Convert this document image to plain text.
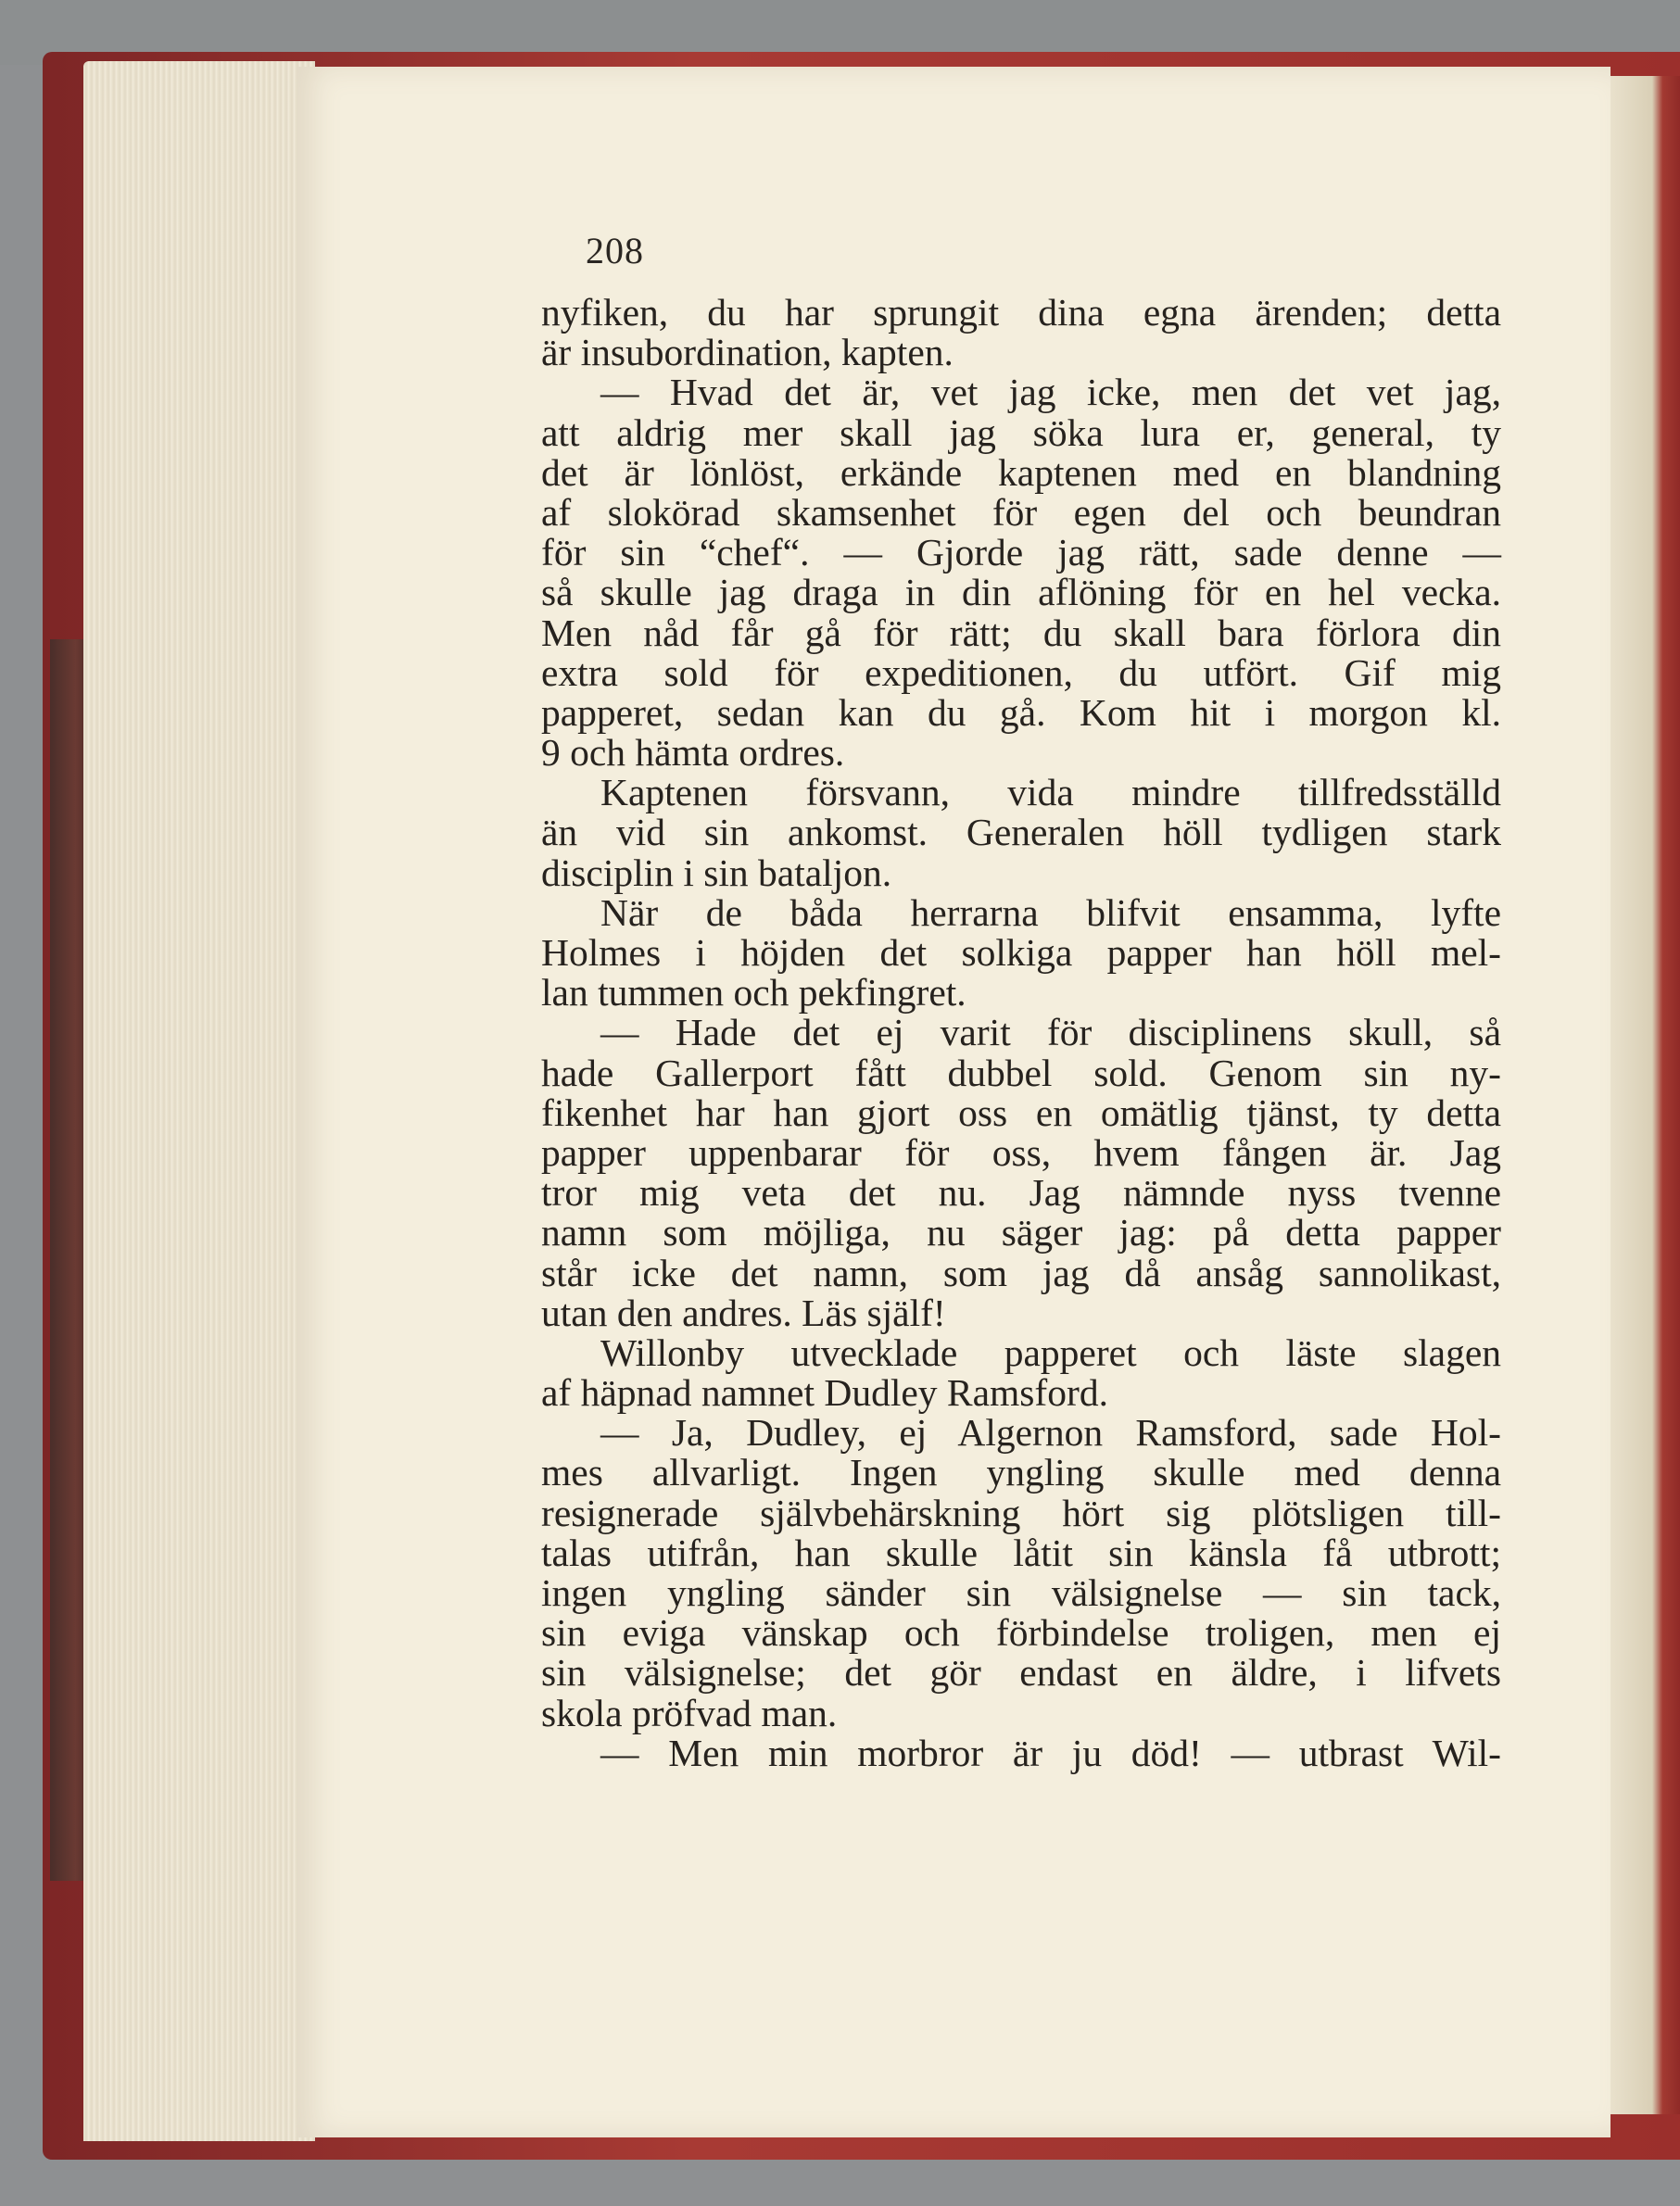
208
nyfiken, du har sprungit dina egna ärenden; detta
är insubordination, kapten.
— Hvad det är, vet jag icke, men det vet jag,
att aldrig mer skall jag söka lura er, general, ty
det är lönlöst, erkände kaptenen med en blandning
af slokörad skamsenhet för egen del och beundran
för sin “chef“. — Gjorde jag rätt, sade denne —
så skulle jag draga in din aflöning för en hel vecka.
Men nåd får gå för rätt; du skall bara förlora din
extra sold för expeditionen, du utfört. Gif mig
papperet, sedan kan du gå. Kom hit i morgon kl.
9 och hämta ordres.
Kaptenen försvann, vida mindre tillfredsställd
än vid sin ankomst. Generalen höll tydligen stark
disciplin i sin bataljon.
När de båda herrarna blifvit ensamma, lyfte
Holmes i höjden det solkiga papper han höll mel-
lan tummen och pekfingret.
— Hade det ej varit för disciplinens skull, så
hade Gallerport fått dubbel sold. Genom sin ny-
fikenhet har han gjort oss en omätlig tjänst, ty detta
papper uppenbarar för oss, hvem fången är. Jag
tror mig veta det nu. Jag nämnde nyss tvenne
namn som möjliga, nu säger jag: på detta papper
står icke det namn, som jag då ansåg sannolikast,
utan den andres. Läs själf!
Willonby utvecklade papperet och läste slagen
af häpnad namnet Dudley Ramsford.
— Ja, Dudley, ej Algernon Ramsford, sade Hol-
mes allvarligt. Ingen yngling skulle med denna
resignerade självbehärskning hört sig plötsligen till-
talas utifrån, han skulle låtit sin känsla få utbrott;
ingen yngling sänder sin välsignelse — sin tack,
sin eviga vänskap och förbindelse troligen, men ej
sin välsignelse; det gör endast en äldre, i lifvets
skola pröfvad man.
— Men min morbror är ju död! — utbrast Wil-
